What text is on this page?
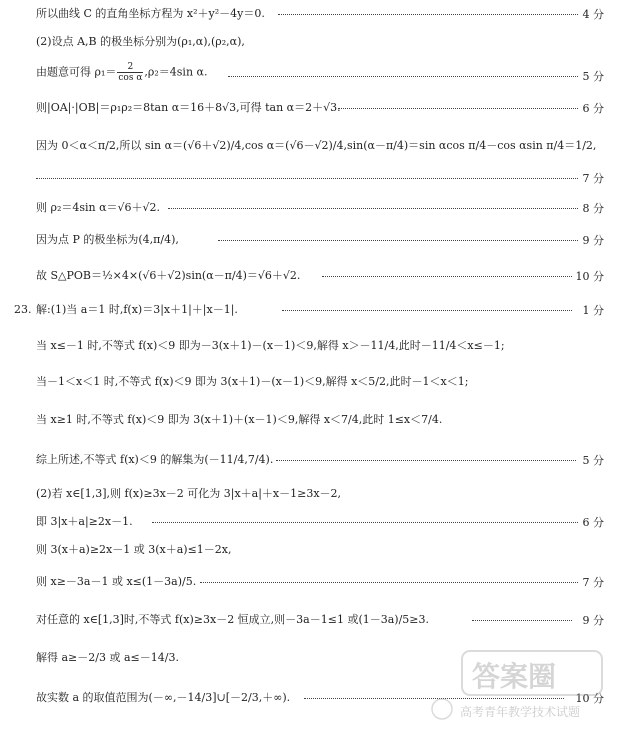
所以曲线 C 的直角坐标方程为 x²＋y²－4y＝0.	4 分
(2)设点 A,B 的极坐标分别为(ρ₁,α),(ρ₂,α),
由题意可得 $\rho_1= \frac{2}{\text{cos α}} ,\rho_2=4\sin$ α.	5 分
则|OA|·|OB|＝ρ₁ρ₂＝8tan α＝16＋8√3,可得 tan α＝2＋√3.	6 分
因为 0＜α＜π/2,所以 sin α＝(√6＋√2)/4,cos α＝(√6－√2)/4,sin(α－π/4)＝sin αcos π/4－cos αsin π/4＝1/2,
7 分
则 ρ₂＝4sin α＝√6＋√2.	8 分
因为点 P 的极坐标为(4,π/4),	9 分
故 S△POB＝½×4×(√6＋√2)sin(α－π/4)＝√6＋√2.	10 分
23. 解:(1)当 a＝1 时,f(x)＝3|x＋1|＋|x－1|.	1 分
当 x≤－1 时,不等式 f(x)＜9 即为－3(x＋1)－(x－1)＜9,解得 x＞－11/4,此时－11/4＜x≤－1;
当－1＜x＜1 时,不等式 f(x)＜9 即为 3(x＋1)－(x－1)＜9,解得 x＜5/2,此时－1＜x＜1;
当 x≥1 时,不等式 f(x)＜9 即为 3(x＋1)＋(x－1)＜9,解得 x＜7/4,此时 1≤x＜7/4.
综上所述,不等式 f(x)＜9 的解集为(－11/4,7/4).	5 分
(2)若 x∈[1,3],则 f(x)≥3x－2 可化为 3|x＋a|＋x－1≥3x－2,
即 3|x＋a|≥2x－1.	6 分
则 3(x＋a)≥2x－1 或 3(x＋a)≤1－2x,
则 x≥－3a－1 或 x≤(1－3a)/5.	7 分
对任意的 x∈[1,3]时,不等式 f(x)≥3x－2 恒成立,则－3a－1≤1 或(1－3a)/5≥3.	9 分
解得 a≥－2/3 或 a≤－14/3.
故实数 a 的取值范围为(－∞,－14/3]∪[－2/3,＋∞).	10 分
答案圈
高考青年教学技术试题
